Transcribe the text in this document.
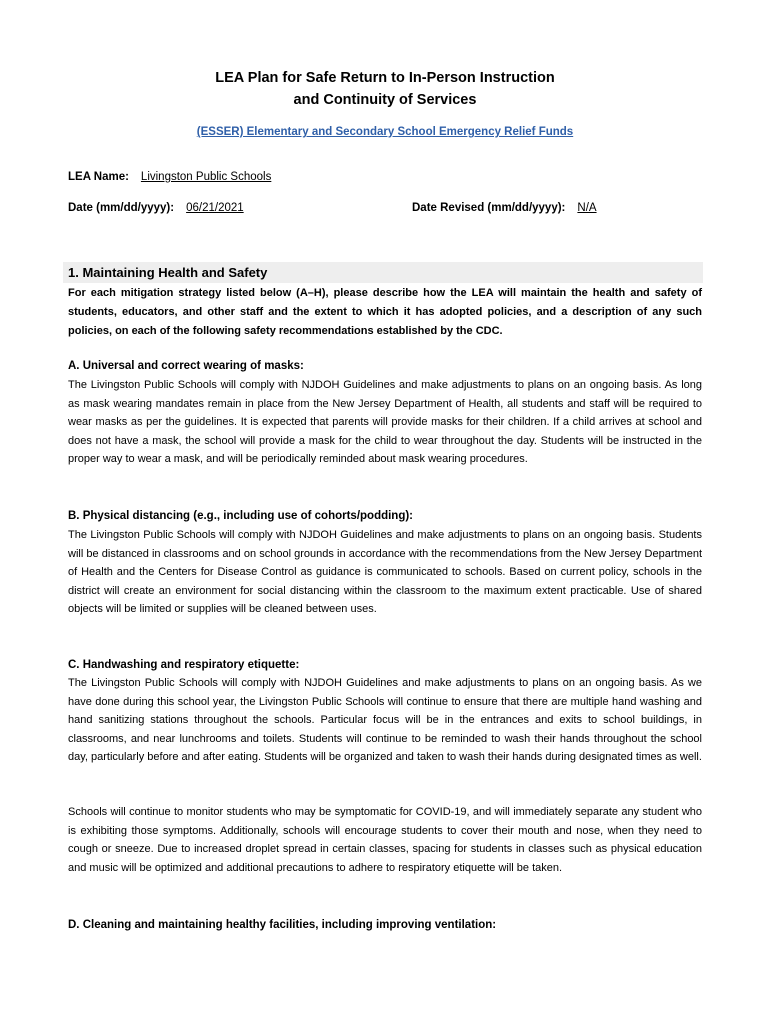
LEA Plan for Safe Return to In-Person Instruction
and Continuity of Services
(ESSER) Elementary and Secondary School Emergency Relief Funds
LEA Name: Livingston Public Schools
Date (mm/dd/yyyy): 06/21/2021	Date Revised (mm/dd/yyyy): N/A
1. Maintaining Health and Safety
For each mitigation strategy listed below (A–H), please describe how the LEA will maintain the health and safety of students, educators, and other staff and the extent to which it has adopted policies, and a description of any such policies, on each of the following safety recommendations established by the CDC.
A. Universal and correct wearing of masks:
The Livingston Public Schools will comply with NJDOH Guidelines and make adjustments to plans on an ongoing basis. As long as mask wearing mandates remain in place from the New Jersey Department of Health, all students and staff will be required to wear masks as per the guidelines. It is expected that parents will provide masks for their children. If a child arrives at school and does not have a mask, the school will provide a mask for the child to wear throughout the day. Students will be instructed in the proper way to wear a mask, and will be periodically reminded about mask wearing procedures.
B. Physical distancing (e.g., including use of cohorts/podding):
The Livingston Public Schools will comply with NJDOH Guidelines and make adjustments to plans on an ongoing basis. Students will be distanced in classrooms and on school grounds in accordance with the recommendations from the New Jersey Department of Health and the Centers for Disease Control as guidance is communicated to schools. Based on current policy, schools in the district will create an environment for social distancing within the classroom to the maximum extent practicable. Use of shared objects will be limited or supplies will be cleaned between uses.
C. Handwashing and respiratory etiquette:
The Livingston Public Schools will comply with NJDOH Guidelines and make adjustments to plans on an ongoing basis. As we have done during this school year, the Livingston Public Schools will continue to ensure that there are multiple hand washing and hand sanitizing stations throughout the schools. Particular focus will be in the entrances and exits to school buildings, in classrooms, and near lunchrooms and toilets. Students will continue to be reminded to wash their hands throughout the school day, particularly before and after eating. Students will be organized and taken to wash their hands during designated times as well.
Schools will continue to monitor students who may be symptomatic for COVID-19, and will immediately separate any student who is exhibiting those symptoms. Additionally, schools will encourage students to cover their mouth and nose, when they need to cough or sneeze. Due to increased droplet spread in certain classes, spacing for students in classes such as physical education and music will be optimized and additional precautions to adhere to respiratory etiquette will be taken.
D. Cleaning and maintaining healthy facilities, including improving ventilation:
